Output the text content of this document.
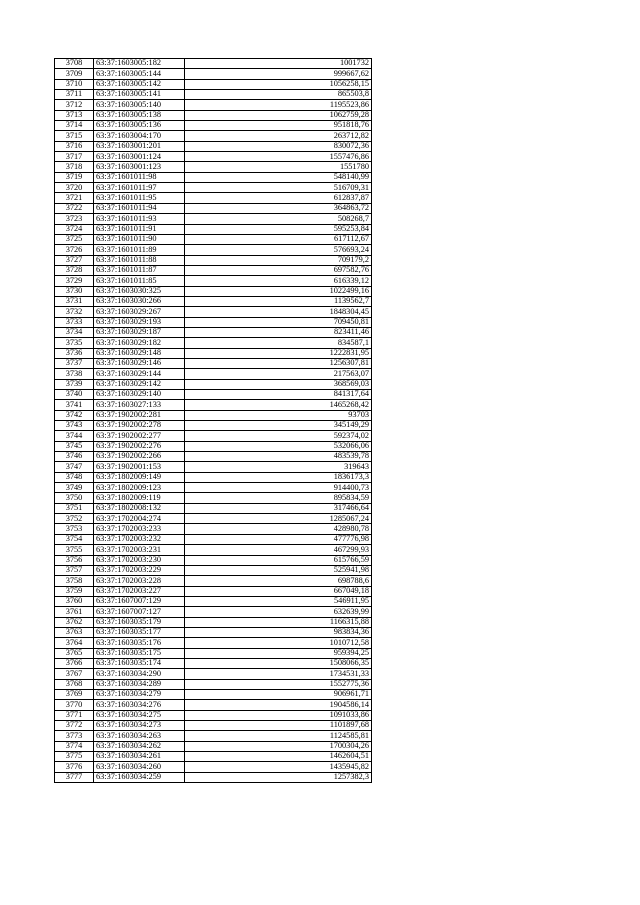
3708	63:37:1603005:182	1001732
3709	63:37:1603005:144	999667,62
3710	63:37:1603005:142	1056258,15
3711	63:37:1603005:141	865503,8
3712	63:37:1603005:140	1195523,86
3713	63:37:1603005:138	1062759,28
3714	63:37:1603005:136	951818,76
3715	63:37:1603004:170	263712,82
3716	63:37:1603001:201	830072,36
3717	63:37:1603001:124	1557476,86
3718	63:37:1603001:123	1551780
3719	63:37:1601011:98	548140,99
3720	63:37:1601011:97	516709,31
3721	63:37:1601011:95	612837,87
3722	63:37:1601011:94	364863,72
3723	63:37:1601011:93	508268,7
3724	63:37:1601011:91	595253,84
3725	63:37:1601011:90	617112,67
3726	63:37:1601011:89	576693,24
3727	63:37:1601011:88	709179,2
3728	63:37:1601011:87	697582,76
3729	63:37:1601011:85	616339,12
3730	63:37:1603030:325	1022499,16
3731	63:37:1603030:266	1139562,7
3732	63:37:1603029:267	1848304,45
3733	63:37:1603029:193	709450,81
3734	63:37:1603029:187	823411,46
3735	63:37:1603029:182	834587,1
3736	63:37:1603029:148	1222831,95
3737	63:37:1603029:146	1256307,81
3738	63:37:1603029:144	217563,07
3739	63:37:1603029:142	368569,03
3740	63:37:1603029:140	841317,64
3741	63:37:1603027:133	1465268,42
3742	63:37:1902002:281	93703
3743	63:37:1902002:278	345149,29
3744	63:37:1902002:277	592374,02
3745	63:37:1902002:276	532066,06
3746	63:37:1902002:266	483539,78
3747	63:37:1902001:153	319643
3748	63:37:1802009:149	1836173,3
3749	63:37:1802009:123	914400,73
3750	63:37:1802009:119	895834,59
3751	63:37:1802008:132	317466,64
3752	63:37:1702004:274	1285067,24
3753	63:37:1702003:233	428980,78
3754	63:37:1702003:232	477776,98
3755	63:37:1702003:231	467299,93
3756	63:37:1702003:230	615766,59
3757	63:37:1702003:229	525941,98
3758	63:37:1702003:228	698788,6
3759	63:37:1702003:227	667049,18
3760	63:37:1607007:129	546911,95
3761	63:37:1607007:127	632639,99
3762	63:37:1603035:179	1166315,88
3763	63:37:1603035:177	983834,36
3764	63:37:1603035:176	1010712,58
3765	63:37:1603035:175	959394,25
3766	63:37:1603035:174	1508066,35
3767	63:37:1603034:290	1734531,33
3768	63:37:1603034:289	1552775,36
3769	63:37:1603034:279	906961,71
3770	63:37:1603034:276	1904586,14
3771	63:37:1603034:275	1091033,86
3772	63:37:1603034:273	1101897,68
3773	63:37:1603034:263	1124585,81
3774	63:37:1603034:262	1700304,26
3775	63:37:1603034:261	1462604,51
3776	63:37:1603034:260	1435945,82
3777	63:37:1603034:259	1257382,3
